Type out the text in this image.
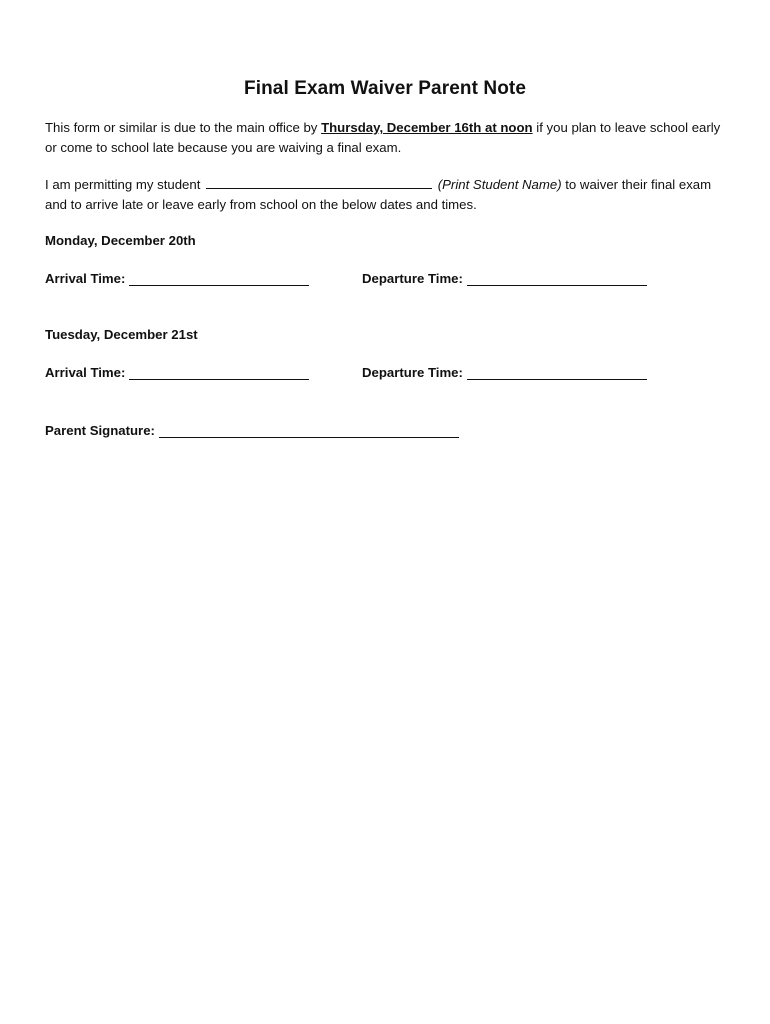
Final Exam Waiver Parent Note
This form or similar is due to the main office by Thursday, December 16th at noon if you plan to leave school early or come to school late because you are waiving a final exam.
I am permitting my student	(Print Student Name) to waiver their final exam and to arrive late or leave early from school on the below dates and times.
Monday, December 20th
Arrival Time:	Departure Time:
Tuesday, December 21st
Arrival Time:	Departure Time:
Parent Signature:
